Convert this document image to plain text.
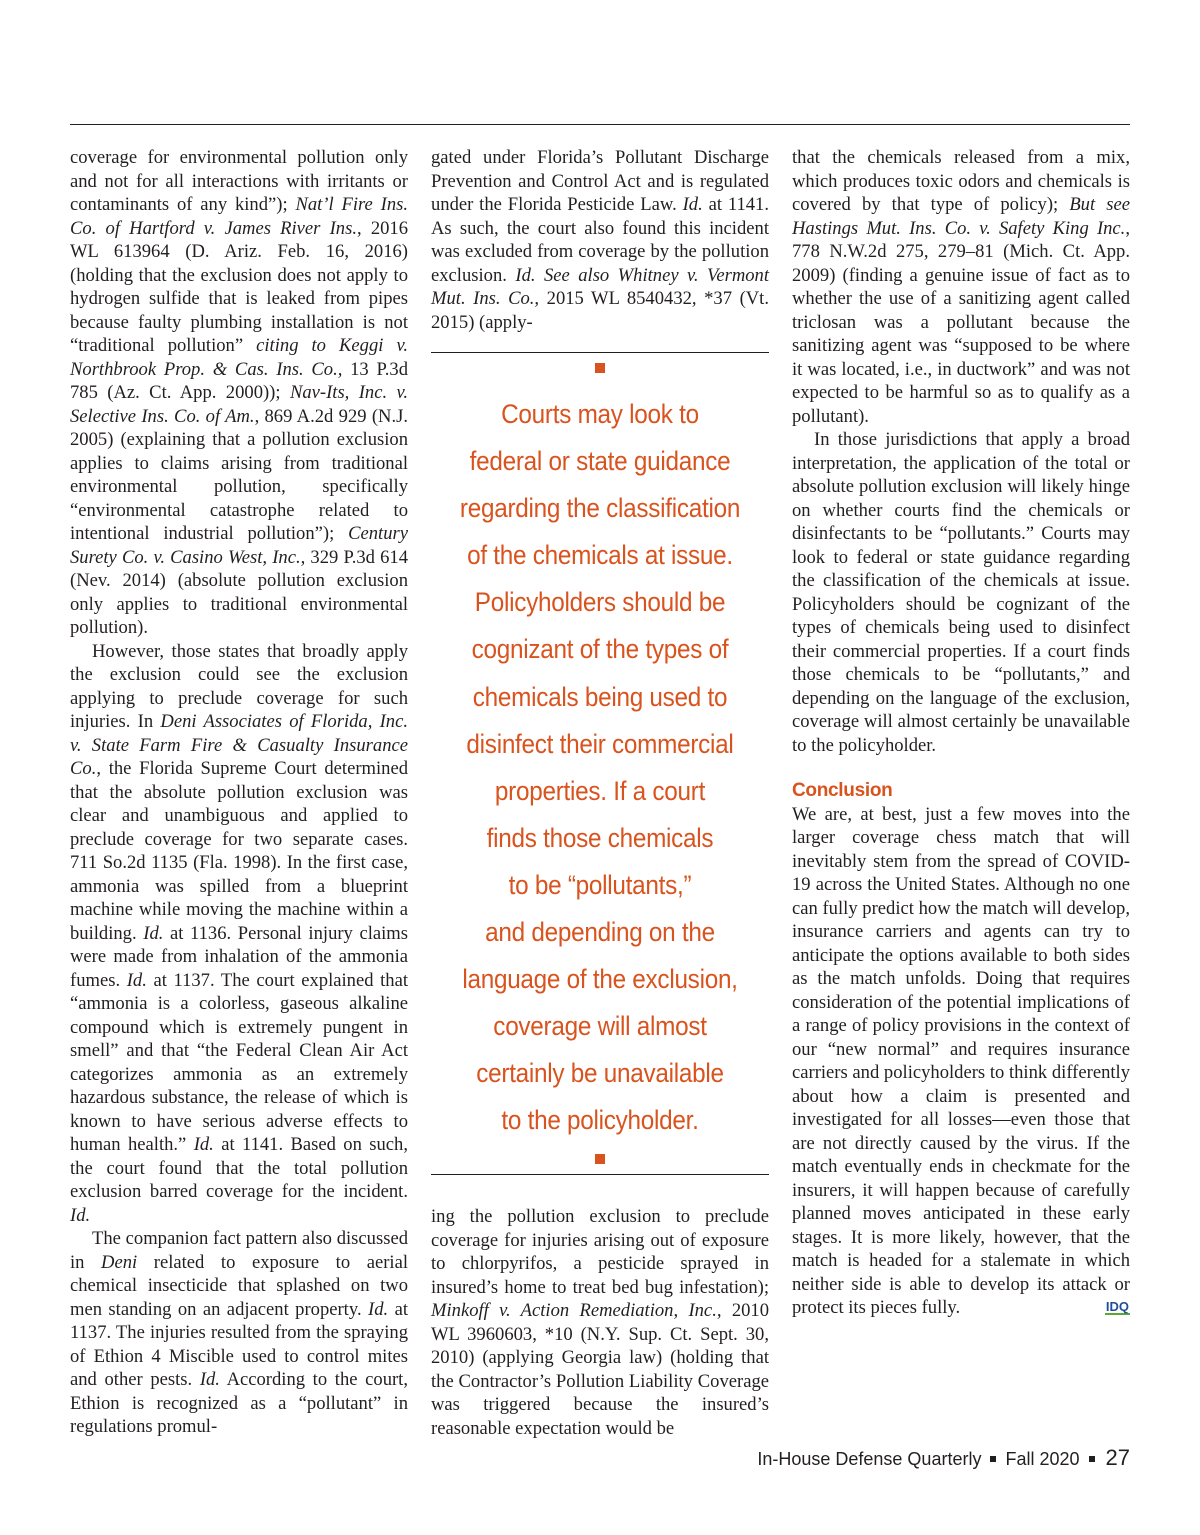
coverage for environmental pollution only and not for all interactions with irritants or contaminants of any kind”); Nat’l Fire Ins. Co. of Hartford v. James River Ins., 2016 WL 613964 (D. Ariz. Feb. 16, 2016) (holding that the exclusion does not apply to hydrogen sulfide that is leaked from pipes because faulty plumbing installation is not “traditional pollution” citing to Keggi v. Northbrook Prop. & Cas. Ins. Co., 13 P.3d 785 (Az. Ct. App. 2000)); Nav-Its, Inc. v. Selective Ins. Co. of Am., 869 A.2d 929 (N.J. 2005) (explaining that a pollution exclusion applies to claims arising from traditional environmental pollution, specifically “environmental catastrophe related to intentional industrial pollution”); Century Surety Co. v. Casino West, Inc., 329 P.3d 614 (Nev. 2014) (absolute pollution exclusion only applies to traditional environmental pollution).

However, those states that broadly apply the exclusion could see the exclusion applying to preclude coverage for such injuries. In Deni Associates of Florida, Inc. v. State Farm Fire & Casualty Insurance Co., the Florida Supreme Court determined that the absolute pollution exclusion was clear and unambiguous and applied to preclude coverage for two separate cases. 711 So.2d 1135 (Fla. 1998). In the first case, ammonia was spilled from a blueprint machine while moving the machine within a building. Id. at 1136. Personal injury claims were made from inhalation of the ammonia fumes. Id. at 1137. The court explained that “ammonia is a colorless, gaseous alkaline compound which is extremely pungent in smell” and that “the Federal Clean Air Act categorizes ammonia as an extremely hazardous substance, the release of which is known to have serious adverse effects to human health.” Id. at 1141. Based on such, the court found that the total pollution exclusion barred coverage for the incident. Id.

The companion fact pattern also discussed in Deni related to exposure to aerial chemical insecticide that splashed on two men standing on an adjacent property. Id. at 1137. The injuries resulted from the spraying of Ethion 4 Miscible used to control mites and other pests. Id. According to the court, Ethion is recognized as a “pollutant” in regulations promul-

gated under Florida’s Pollutant Discharge Prevention and Control Act and is regulated under the Florida Pesticide Law. Id. at 1141. As such, the court also found this incident was excluded from coverage by the pollution exclusion. Id. See also Whitney v. Vermont Mut. Ins. Co., 2015 WL 8540432, *37 (Vt. 2015) (apply-

Courts may look to
federal or state guidance
regarding the classification
of the chemicals at issue.
Policyholders should be
cognizant of the types of
chemicals being used to
disinfect their commercial
properties. If a court
finds those chemicals
to be “pollutants,”
and depending on the
language of the exclusion,
coverage will almost
certainly be unavailable
to the policyholder.

ing the pollution exclusion to preclude coverage for injuries arising out of exposure to chlorpyrifos, a pesticide sprayed in insured’s home to treat bed bug infestation); Minkoff v. Action Remediation, Inc., 2010 WL 3960603, *10 (N.Y. Sup. Ct. Sept. 30, 2010) (applying Georgia law) (holding that the Contractor’s Pollution Liability Coverage was triggered because the insured’s reasonable expectation would be

that the chemicals released from a mix, which produces toxic odors and chemicals is covered by that type of policy); But see Hastings Mut. Ins. Co. v. Safety King Inc., 778 N.W.2d 275, 279–81 (Mich. Ct. App. 2009) (finding a genuine issue of fact as to whether the use of a sanitizing agent called triclosan was a pollutant because the sanitizing agent was “supposed to be where it was located, i.e., in ductwork” and was not expected to be harmful so as to qualify as a pollutant).

In those jurisdictions that apply a broad interpretation, the application of the total or absolute pollution exclusion will likely hinge on whether courts find the chemicals or disinfectants to be “pollutants.” Courts may look to federal or state guidance regarding the classification of the chemicals at issue. Policyholders should be cognizant of the types of chemicals being used to disinfect their commercial properties. If a court finds those chemicals to be “pollutants,” and depending on the language of the exclusion, coverage will almost certainly be unavailable to the policyholder.

Conclusion

We are, at best, just a few moves into the larger coverage chess match that will inevitably stem from the spread of COVID-19 across the United States. Although no one can fully predict how the match will develop, insurance carriers and agents can try to anticipate the options available to both sides as the match unfolds. Doing that requires consideration of the potential implications of a range of policy provisions in the context of our “new normal” and requires insurance carriers and policyholders to think differently about how a claim is presented and investigated for all losses—even those that are not directly caused by the virus. If the match eventually ends in checkmate for the insurers, it will happen because of carefully planned moves anticipated in these early stages. It is more likely, however, that the match is headed for a stalemate in which neither side is able to develop its attack or protect its pieces fully.	IDQ

In-House Defense Quarterly Fall 2020 27
